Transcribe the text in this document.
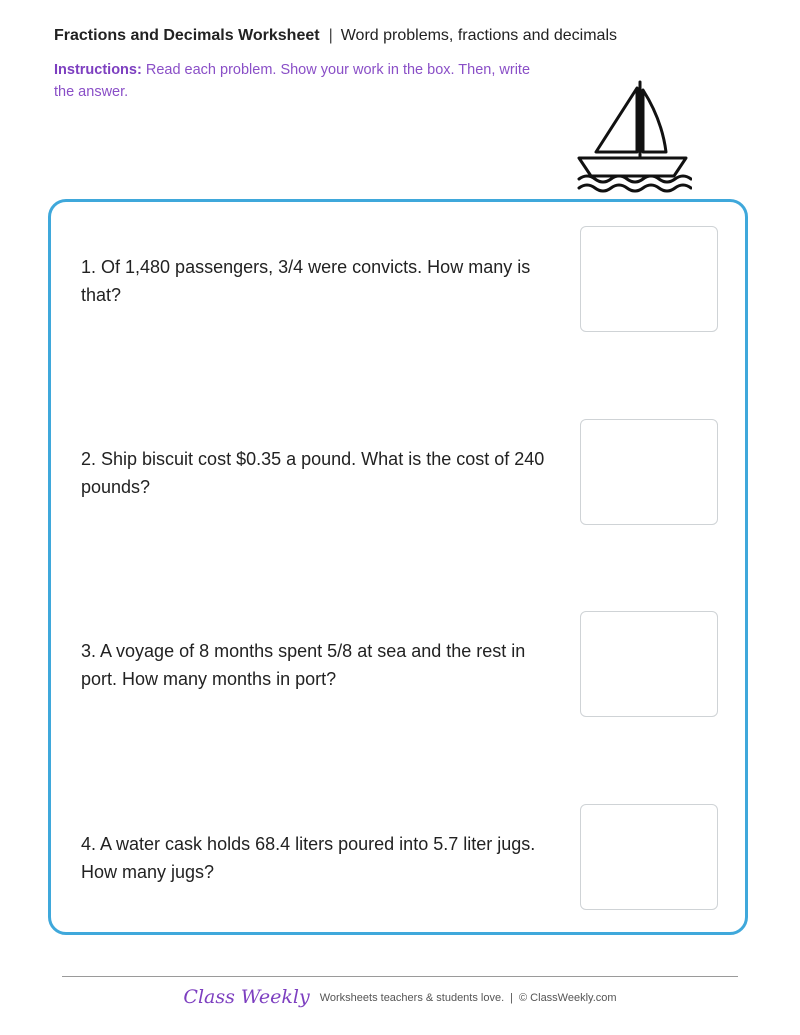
Fractions and Decimals Worksheet | Word problems, fractions and decimals
Instructions: Read each problem. Show your work in the box. Then, write the answer.
1. Of 1,480 passengers, 3/4 were convicts. How many is that?
2. Ship biscuit cost $0.35 a pound. What is the cost of 240 pounds?
3. A voyage of 8 months spent 5/8 at sea and the rest in port. How many months in port?
4. A water cask holds 68.4 liters poured into 5.7 liter jugs. How many jugs?
Class Weekly Worksheets teachers & students love. | © ClassWeekly.com
